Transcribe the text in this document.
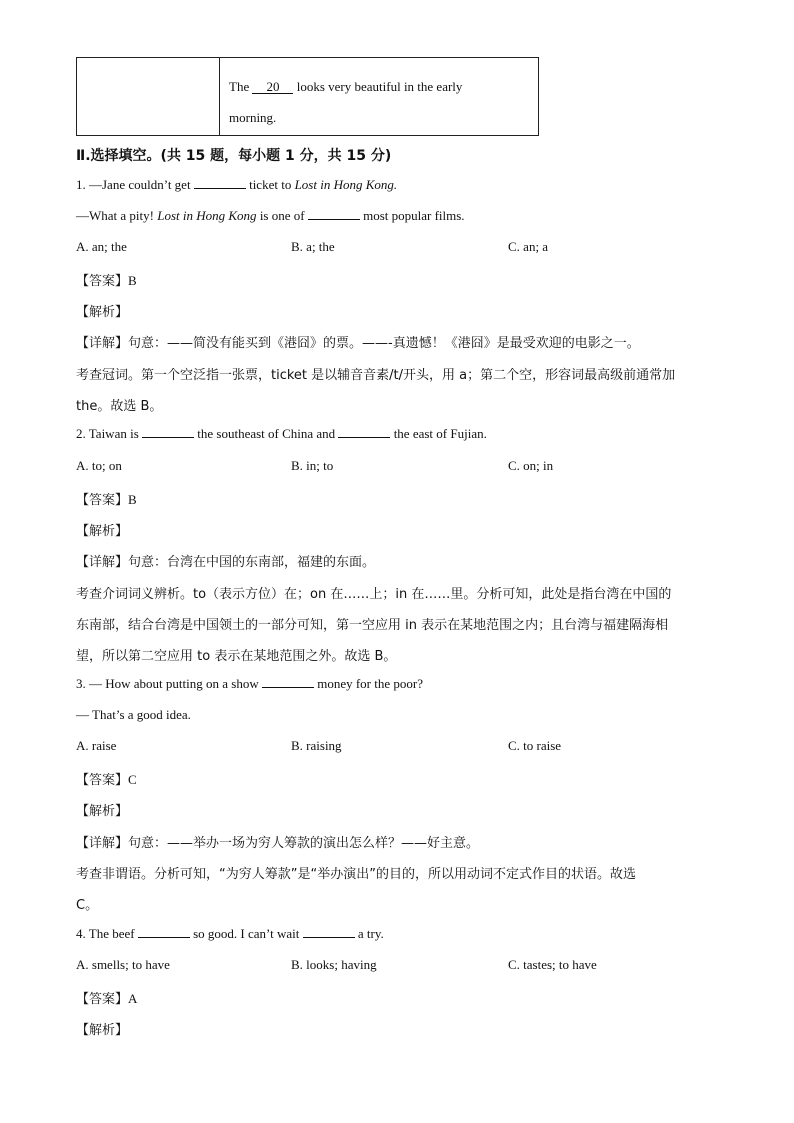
The 20 looks very beautiful in the early
morning.
Ⅱ.选择填空。(共 15 题，每小题 1 分，共 15 分)
1. —Jane couldn’t get	ticket to Lost in Hong Kong.
—What a pity! Lost in Hong Kong is one of	most popular films.
A. an; the	B. a; the	C. an; a
【答案】B
【解析】
【详解】句意：——简没有能买到《港囧》的票。——-真遗憾！《港囧》是最受欢迎的电影之一。
考查冠词。第一个空泛指一张票，ticket 是以辅音音素/t/开头，用 a；第二个空，形容词最高级前通常加
the。故选 B。
2. Taiwan is	the southeast of China and	the east of Fujian.
A. to; on	B. in; to	C. on; in
【答案】B
【解析】
【详解】句意：台湾在中国的东南部，福建的东面。
考查介词词义辨析。to（表示方位）在；on 在……上；in 在……里。分析可知，此处是指台湾在中国的
东南部，结合台湾是中国领土的一部分可知，第一空应用 in 表示在某地范围之内；且台湾与福建隔海相
望，所以第二空应用 to 表示在某地范围之外。故选 B。
3. — How about putting on a show	money for the poor?
— That’s a good idea.
A. raise	B. raising	C. to raise
【答案】C
【解析】
【详解】句意：——举办一场为穷人筹款的演出怎么样？——好主意。
考查非谓语。分析可知，“为穷人筹款”是“举办演出”的目的，所以用动词不定式作目的状语。故选
C。
4. The beef	so good. I can’t wait	a try.
A. smells; to have	B. looks; having	C. tastes; to have
【答案】A
【解析】
